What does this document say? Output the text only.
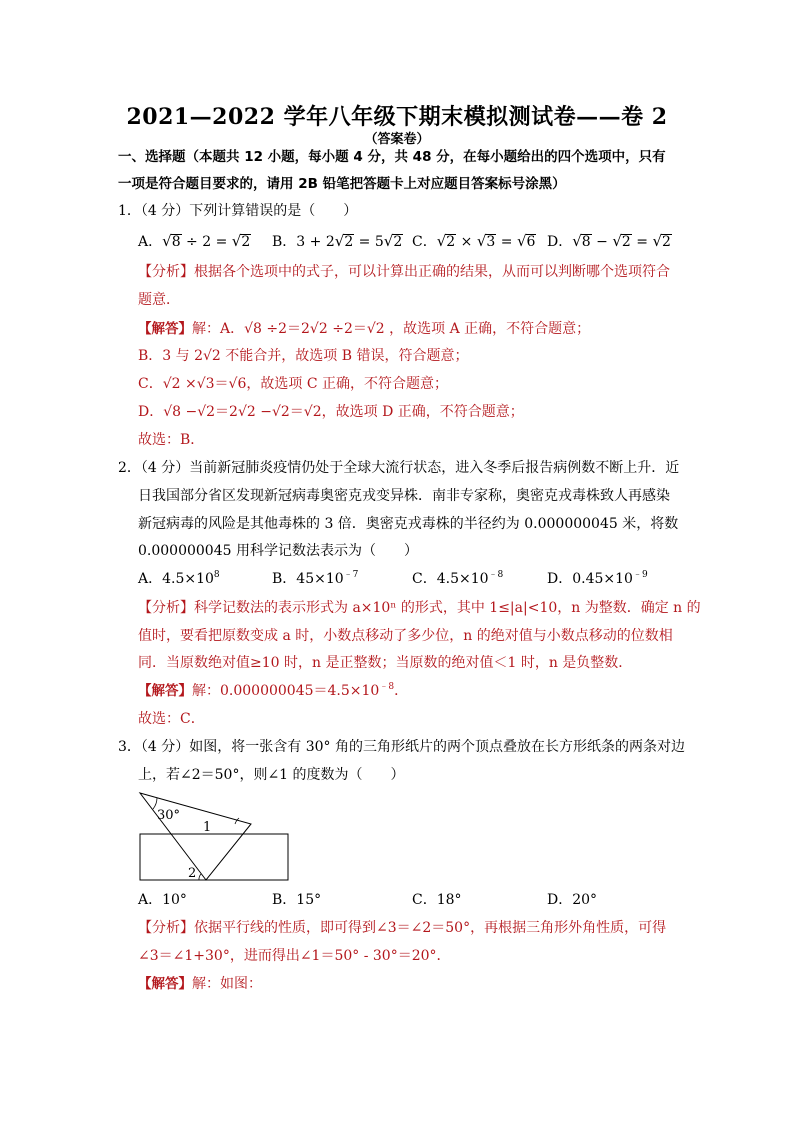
2021—2022 学年八年级下期末模拟测试卷——卷 2
（答案卷）
一、选择题（本题共 12 小题，每小题 4 分，共 48 分，在每小题给出的四个选项中，只有
一项是符合题目要求的，请用 2B 铅笔把答题卡上对应题目答案标号涂黑）
1．（4 分）下列计算错误的是（　　）
A．√8 ÷ 2 = √2 B．3 + 2√2 = 5√2 C．√2 × √3 = √6 D．√8 − √2 = √2
【分析】根据各个选项中的式子，可以计算出正确的结果，从而可以判断哪个选项符合
题意．
【解答】解：A．√8 ÷2＝2√2 ÷2＝√2 ，故选项 A 正确，不符合题意；
B．3 与 2√2 不能合并，故选项 B 错误，符合题意；
C．√2 ×√3＝√6，故选项 C 正确，不符合题意；
D．√8 −√2＝2√2 −√2＝√2，故选项 D 正确，不符合题意；
故选：B．
2．（4 分）当前新冠肺炎疫情仍处于全球大流行状态，进入冬季后报告病例数不断上升．近
日我国部分省区发现新冠病毒奥密克戎变异株．南非专家称，奥密克戎毒株致人再感染
新冠病毒的风险是其他毒株的 3 倍．奥密克戎毒株的半径约为 0.000000045 米，将数
0.000000045 用科学记数法表示为（　　）
A．$4.5\times 10^8$	B．$45\times 10^{﹣7}$	C．$4.5\times 10^{﹣8}$	D．$0.45\times 10^{﹣9}$
【分析】科学记数法的表示形式为 a×10ⁿ 的形式，其中 1≤|a|<10，n 为整数．确定 n 的
值时，要看把原数变成 a 时，小数点移动了多少位，n 的绝对值与小数点移动的位数相
同．当原数绝对值≥10 时，n 是正整数；当原数的绝对值＜1 时，n 是负整数．
【解答】解：$0.000000045=4.5\times 10^{﹣8}$．
故选：C．
3．（4 分）如图，将一张含有 30° 角的三角形纸片的两个顶点叠放在长方形纸条的两条对边
上，若∠2＝50°，则∠1 的度数为（　　）
30°
1
2
A．10°	B．15°	C．18°	D．20°
【分析】依据平行线的性质，即可得到∠3＝∠2＝50°，再根据三角形外角性质，可得
∠3＝∠1+30°，进而得出∠1＝50° - 30°＝20°．
【解答】解：如图：
